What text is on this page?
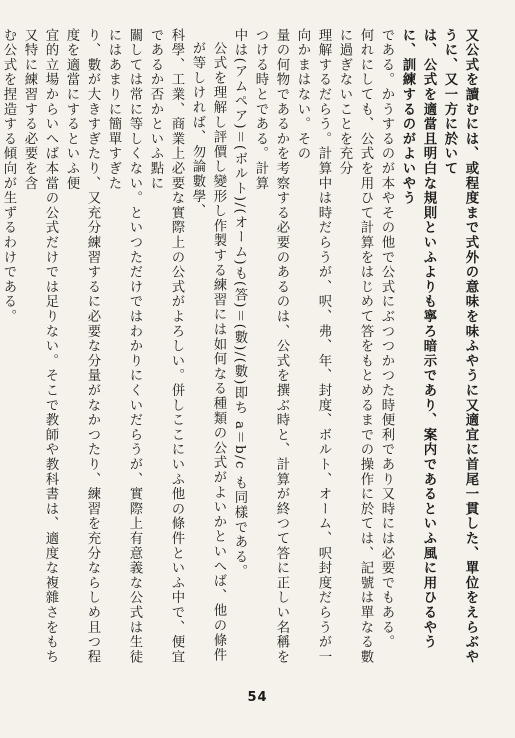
又公式を讀むには、或程度まで式外の意味を味ふやうに又適宜に首尾一貫した、單位をえらぶやうに、又一方に於いて
は、公式を適當且明白な規則といふよりも寧ろ暗示であり、案内であるといふ風に用ひるやうに、訓練するのがよいやう
である。かうするのが本やその他で公式にぶつつかつた時便利であり又時には必要でもある。
何れにしても、公式を用ひて計算をはじめて答をもとめるまでの操作に於ては、記號は單なる數に過ぎないことを充分
理解するだらう。計算中は時だらうが、呎、弗、年、封度、ボルト、オーム、呎封度だらうが一向かまはない。その
量の何物であるかを考察する必要のあるのは、公式を撰ぶ時と、計算が終つて答に正しい名稱をつける時とである。計算
中は(アムペア)＝(ボルト)/(オーム)も(答)＝(數)/(數)即ち a＝b/c も同樣である。
公式を理解し評價し變形し作製する練習には如何なる種類の公式がよいかといへば、他の條件が等しければ、勿論數學、
科學、工業、商業上必要な實際上の公式がよろしい。併しここにいふ他の條件といふ中で、便宜であるか否かといふ點に
關しては常に等しくない。といつただけではわかりにくいだらうが、實際上有意義な公式は生徒にはあまりに簡單すぎた
り、數が大きすぎたり、又充分練習するに必要な分量がなかつたり、練習を充分ならしめ且つ程度を適當にするといふ便
宜的立場からいへば本當の公式だけでは足りない。そこで教師や教科書は、適度な複雜さをもち又特に練習する必要を含
む公式を捏造する傾向が生ずるわけである。
54
